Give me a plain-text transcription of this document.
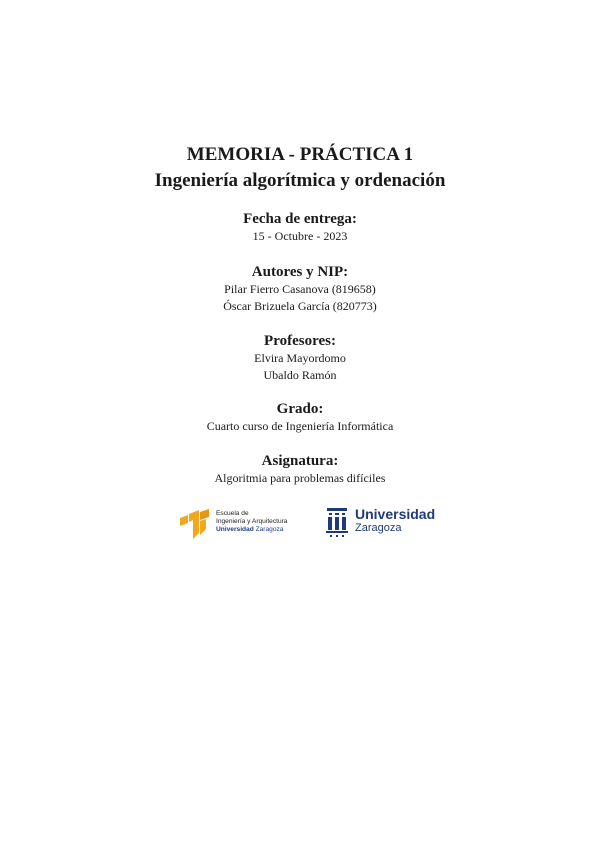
MEMORIA - PRÁCTICA 1
Ingeniería algorítmica y ordenación
Fecha de entrega:
15 - Octubre - 2023
Autores y NIP:
Pilar Fierro Casanova (819658)
Óscar Brizuela García (820773)
Profesores:
Elvira Mayordomo
Ubaldo Ramón
Grado:
Cuarto curso de Ingeniería Informática
Asignatura:
Algoritmia para problemas difíciles
Escuela de
Ingeniería y Arquitectura
Universidad Zaragoza
Universidad
Zaragoza
